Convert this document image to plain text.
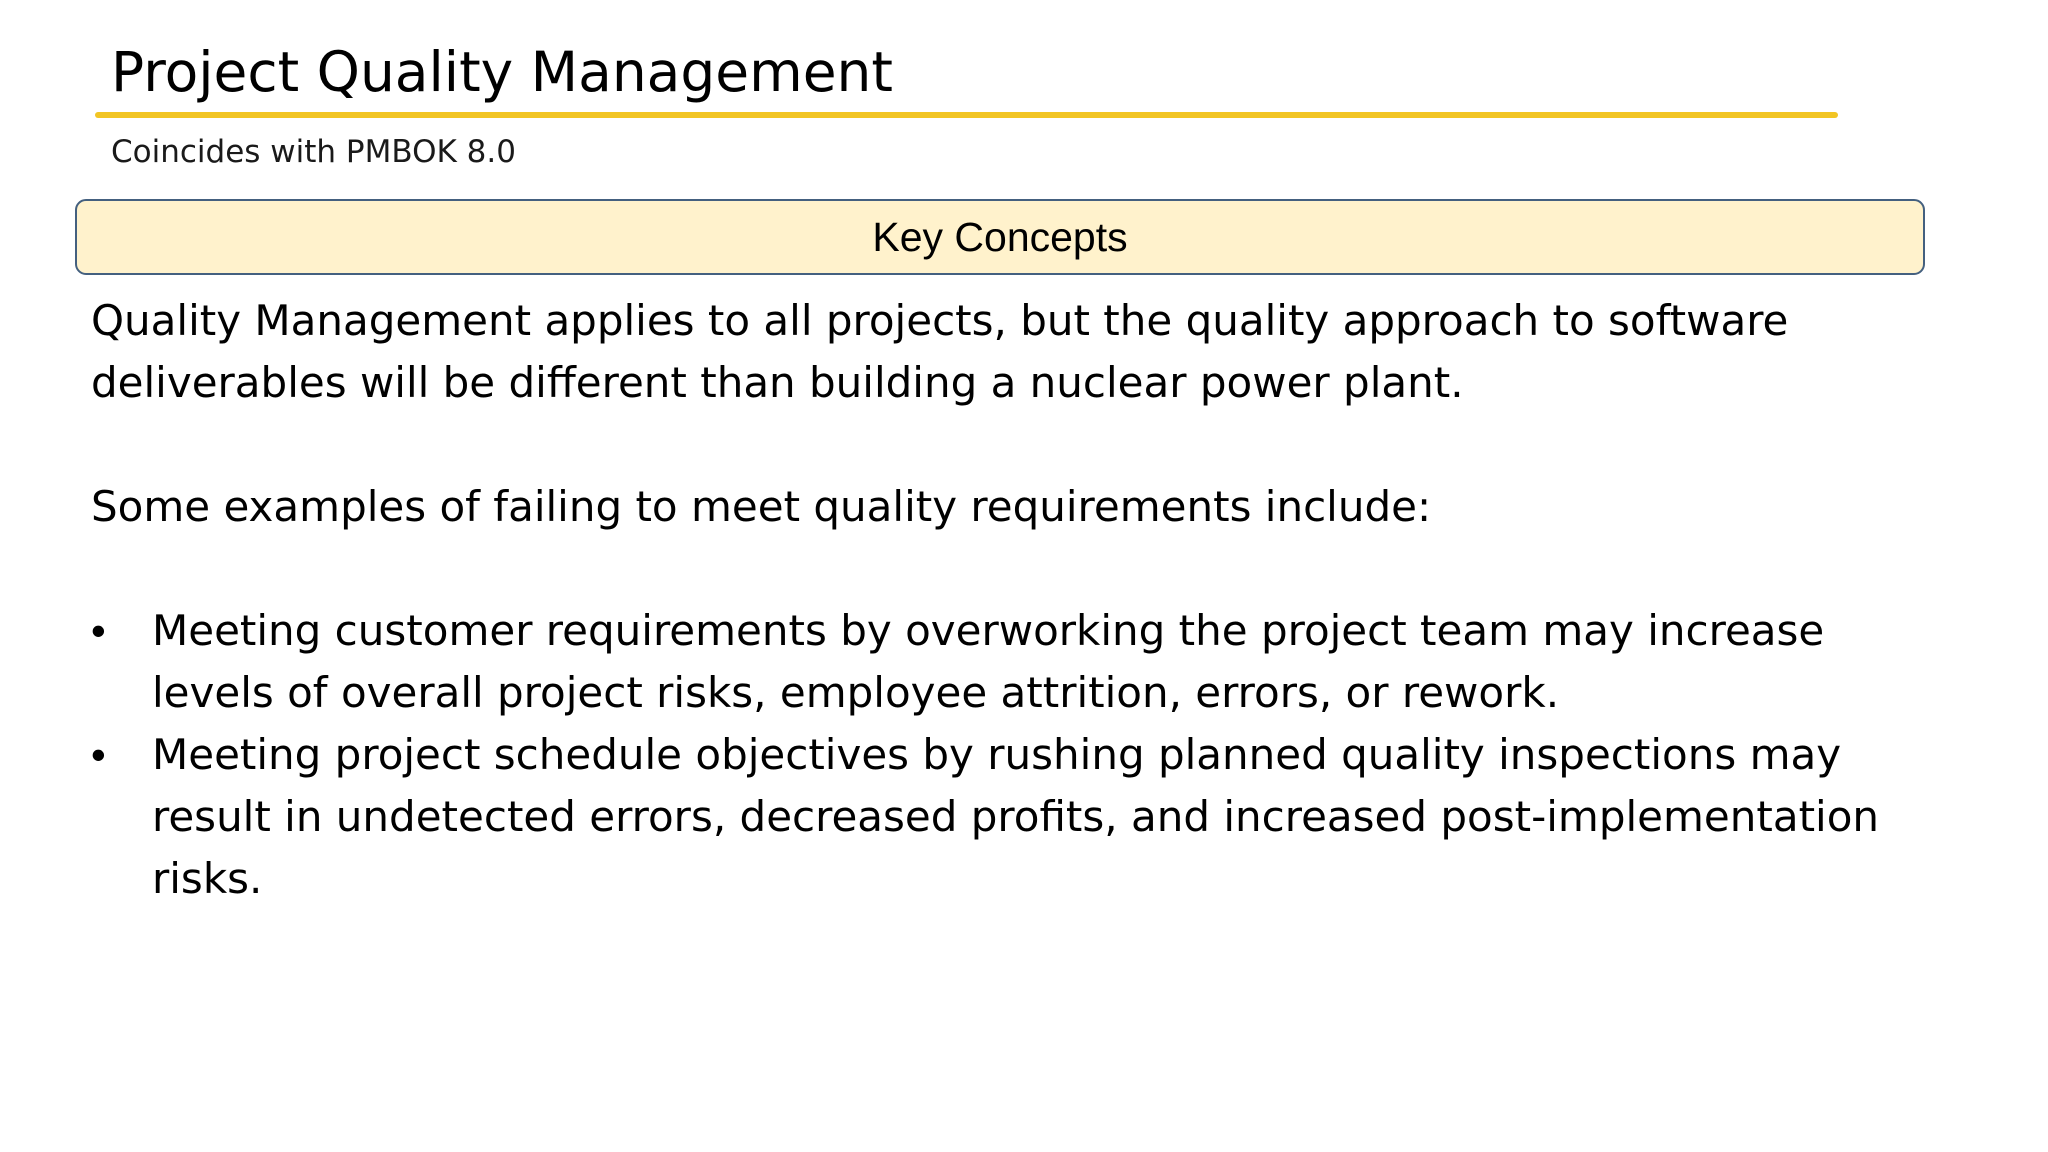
Project Quality Management
Coincides with PMBOK 8.0
Key Concepts

Quality Management applies to all projects, but the quality approach to software deliverables will be different than building a nuclear power plant.

Some examples of failing to meet quality requirements include:

• Meeting customer requirements by overworking the project team may increase levels of overall project risks, employee attrition, errors, or rework.
• Meeting project schedule objectives by rushing planned quality inspections may result in undetected errors, decreased profits, and increased post-implementation risks.
